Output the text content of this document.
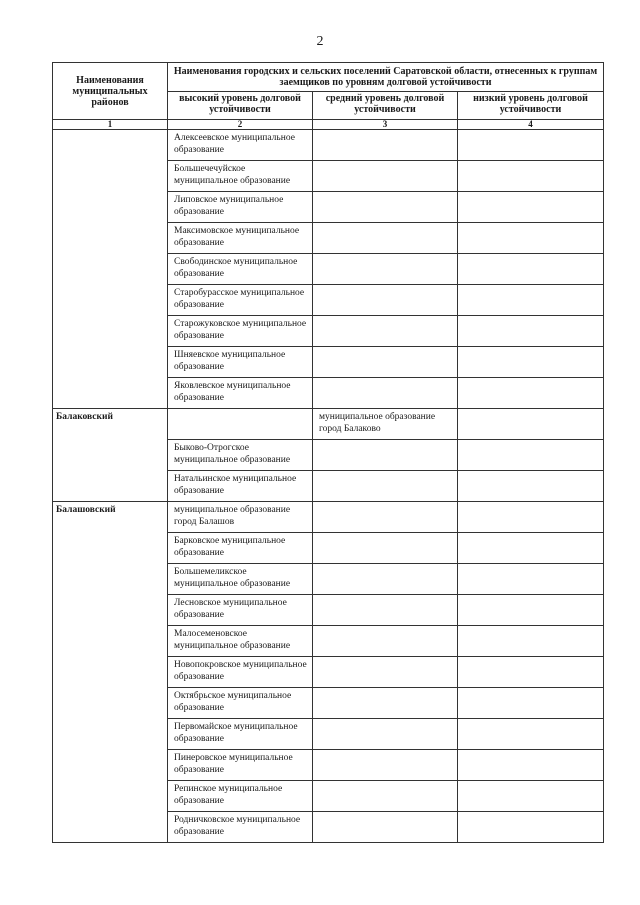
2
Наименования муниципальных районов	Наименования городских и сельских поселений Саратовской области, отнесенных к группам заемщиков по уровням долговой устойчивости		
	высокий уровень долговой устойчивости	средний уровень долговой устойчивости	низкий уровень долговой устойчивости
1	2	3	4
	Алексеевское муниципальное образование		
	Большечечуйское муниципальное образование		
	Липовское муниципальное образование		
	Максимовское муниципальное образование		
	Свободинское муниципальное образование		
	Старобурасское муниципальное образование		
	Старожуковское муниципальное образование		
	Шняевское муниципальное образование		
	Яковлевское муниципальное образование		
Балаковский		муниципальное образование город Балаково	
	Быково-Отрогское муниципальное образование		
	Натальинское муниципальное образование		
Балашовский	муниципальное образование город Балашов		
	Барковское муниципальное образование		
	Большемеликское муниципальное образование		
	Лесновское муниципальное образование		
	Малосеменовское муниципальное образование		
	Новопокровское муниципальное образование		
	Октябрьское муниципальное образование		
	Первомайское муниципальное образование		
	Пинеровское муниципальное образование		
	Репинское муниципальное образование		
	Родничковское муниципальное образование		
